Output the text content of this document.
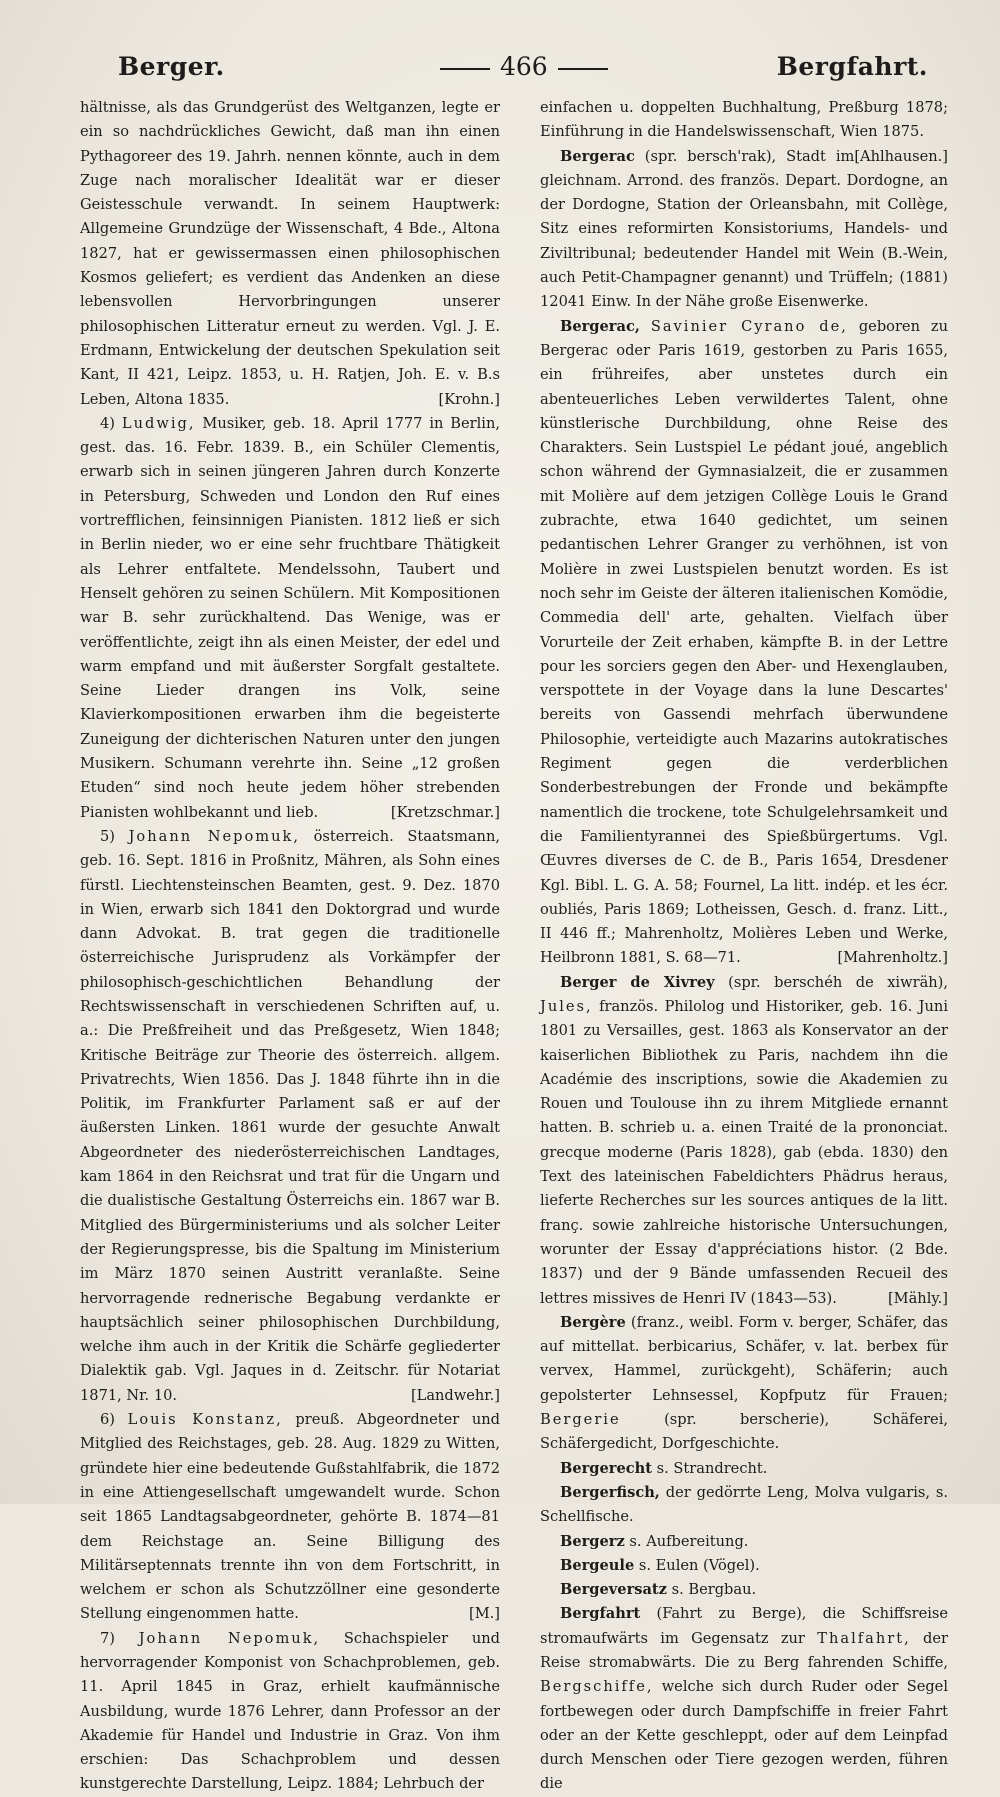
Berger.	466	Bergfahrt.

hältnisse, als das Grundgerüst des Weltganzen, legte er ein so nachdrückliches Gewicht, daß man ihn einen Pythagoreer des 19. Jahrh. nennen könnte, auch in dem Zuge nach moralischer Idealität war er dieser Geistesschule verwandt. In seinem Hauptwerk: Allgemeine Grundzüge der Wissenschaft, 4 Bde., Altona 1827, hat er gewissermassen einen philosophischen Kosmos geliefert; es verdient das Andenken an diese lebensvollen Hervorbringungen unserer philosophischen Litteratur erneut zu werden. Vgl. J. E. Erdmann, Entwickelung der deutschen Spekulation seit Kant, II 421, Leipz. 1853, u. H. Ratjen, Joh. E. v. B.s Leben, Altona 1835.	[Krohn.]

4) Ludwig, Musiker, geb. 18. April 1777 in Berlin, gest. das. 16. Febr. 1839. B., ein Schüler Clementis, erwarb sich in seinen jüngeren Jahren durch Konzerte in Petersburg, Schweden und London den Ruf eines vortrefflichen, feinsinnigen Pianisten. 1812 ließ er sich in Berlin nieder, wo er eine sehr fruchtbare Thätigkeit als Lehrer entfaltete. Mendelssohn, Taubert und Henselt gehören zu seinen Schülern. Mit Kompositionen war B. sehr zurückhaltend. Das Wenige, was er veröffentlichte, zeigt ihn als einen Meister, der edel und warm empfand und mit äußerster Sorgfalt gestaltete. Seine Lieder drangen ins Volk, seine Klavierkompositionen erwarben ihm die begeisterte Zuneigung der dichterischen Naturen unter den jungen Musikern. Schumann verehrte ihn. Seine „12 großen Etuden“ sind noch heute jedem höher strebenden Pianisten wohlbekannt und lieb.	[Kretzschmar.]

5) Johann Nepomuk, österreich. Staatsmann, geb. 16. Sept. 1816 in Proßnitz, Mähren, als Sohn eines fürstl. Liechtensteinschen Beamten, gest. 9. Dez. 1870 in Wien, erwarb sich 1841 den Doktorgrad und wurde dann Advokat. B. trat gegen die traditionelle österreichische Jurisprudenz als Vorkämpfer der philosophisch-geschichtlichen Behandlung der Rechtswissenschaft in verschiedenen Schriften auf, u. a.: Die Preßfreiheit und das Preßgesetz, Wien 1848; Kritische Beiträge zur Theorie des österreich. allgem. Privatrechts, Wien 1856. Das J. 1848 führte ihn in die Politik, im Frankfurter Parlament saß er auf der äußersten Linken. 1861 wurde der gesuchte Anwalt Abgeordneter des niederösterreichischen Landtages, kam 1864 in den Reichsrat und trat für die Ungarn und die dualistische Gestaltung Österreichs ein. 1867 war B. Mitglied des Bürgerministeriums und als solcher Leiter der Regierungspresse, bis die Spaltung im Ministerium im März 1870 seinen Austritt veranlaßte. Seine hervorragende rednerische Begabung verdankte er hauptsächlich seiner philosophischen Durchbildung, welche ihm auch in der Kritik die Schärfe gegliederter Dialektik gab. Vgl. Jaques in d. Zeitschr. für Notariat 1871, Nr. 10.	[Landwehr.]

6) Louis Konstanz, preuß. Abgeordneter und Mitglied des Reichstages, geb. 28. Aug. 1829 zu Witten, gründete hier eine bedeutende Gußstahlfabrik, die 1872 in eine Attiengesellschaft umgewandelt wurde. Schon seit 1865 Landtagsabgeordneter, gehörte B. 1874—81 dem Reichstage an. Seine Billigung des Militärseptennats trennte ihn von dem Fortschritt, in welchem er schon als Schutzzöllner eine gesonderte Stellung eingenommen hatte.	[M.]

7) Johann Nepomuk, Schachspieler und hervorragender Komponist von Schachproblemen, geb. 11. April 1845 in Graz, erhielt kaufmännische Ausbildung, wurde 1876 Lehrer, dann Professor an der Akademie für Handel und Industrie in Graz. Von ihm erschien: Das Schachproblem und dessen kunstgerechte Darstellung, Leipz. 1884; Lehrbuch der

einfachen u. doppelten Buchhaltung, Preßburg 1878; Einführung in die Handelswissenschaft, Wien 1875.
[Ahlhausen.]

Bergerac (spr. bersch'rak), Stadt im gleichnam. Arrond. des französ. Depart. Dordogne, an der Dordogne, Station der Orleansbahn, mit Collège, Sitz eines reformirten Konsistoriums, Handels- und Ziviltribunal; bedeutender Handel mit Wein (B.-Wein, auch Petit-Champagner genannt) und Trüffeln; (1881) 12041 Einw. In der Nähe große Eisenwerke.

Bergerac, Savinier Cyrano de, geboren zu Bergerac oder Paris 1619, gestorben zu Paris 1655, ein frühreifes, aber unstetes durch ein abenteuerliches Leben verwildertes Talent, ohne künstlerische Durchbildung, ohne Reise des Charakters. Sein Lustspiel Le pédant joué, angeblich schon während der Gymnasialzeit, die er zusammen mit Molière auf dem jetzigen Collège Louis le Grand zubrachte, etwa 1640 gedichtet, um seinen pedantischen Lehrer Granger zu verhöhnen, ist von Molière in zwei Lustspielen benutzt worden. Es ist noch sehr im Geiste der älteren italienischen Komödie, Commedia dell' arte, gehalten. Vielfach über Vorurteile der Zeit erhaben, kämpfte B. in der Lettre pour les sorciers gegen den Aber- und Hexenglauben, verspottete in der Voyage dans la lune Descartes' bereits von Gassendi mehrfach überwundene Philosophie, verteidigte auch Mazarins autokratisches Regiment gegen die verderblichen Sonderbestrebungen der Fronde und bekämpfte namentlich die trockene, tote Schulgelehrsamkeit und die Familientyrannei des Spießbürgertums. Vgl. Œuvres diverses de C. de B., Paris 1654, Dresdener Kgl. Bibl. L. G. A. 58; Fournel, La litt. indép. et les écr. oubliés, Paris 1869; Lotheissen, Gesch. d. franz. Litt., II 446 ff.; Mahrenholtz, Molières Leben und Werke, Heilbronn 1881, S. 68—71.	[Mahrenholtz.]

Berger de Xivrey (spr. berschéh de xiwräh), Jules, französ. Philolog und Historiker, geb. 16. Juni 1801 zu Versailles, gest. 1863 als Konservator an der kaiserlichen Bibliothek zu Paris, nachdem ihn die Académie des inscriptions, sowie die Akademien zu Rouen und Toulouse ihn zu ihrem Mitgliede ernannt hatten. B. schrieb u. a. einen Traité de la prononciat. grecque moderne (Paris 1828), gab (ebda. 1830) den Text des lateinischen Fabeldichters Phädrus heraus, lieferte Recherches sur les sources antiques de la litt. franç. sowie zahlreiche historische Untersuchungen, worunter der Essay d'appréciations histor. (2 Bde. 1837) und der 9 Bände umfassenden Recueil des lettres missives de Henri IV (1843—53).	[Mähly.]

Bergère (franz., weibl. Form v. berger, Schäfer, das auf mittellat. berbicarius, Schäfer, v. lat. berbex für vervex, Hammel, zurückgeht), Schäferin; auch gepolsterter Lehnsessel, Kopfputz für Frauen; Bergerie	(spr. berscherie), Schäferei, Schäfergedicht, Dorfgeschichte.

Bergerecht s. Strandrecht.

Bergerfisch, der gedörrte Leng, Molva vulgaris, s. Schellfische.

Bergerz s. Aufbereitung.

Bergeule s. Eulen (Vögel).

Bergeversatz s. Bergbau.

Bergfahrt (Fahrt zu Berge), die Schiffsreise stromaufwärts im Gegensatz zur Thalfahrt, der Reise stromabwärts. Die zu Berg fahrenden Schiffe, Bergschiffe, welche sich durch Ruder oder Segel fortbewegen oder durch Dampfschiffe in freier Fahrt oder an der Kette geschleppt, oder auf dem Leinpfad durch Menschen oder Tiere gezogen werden, führen die
